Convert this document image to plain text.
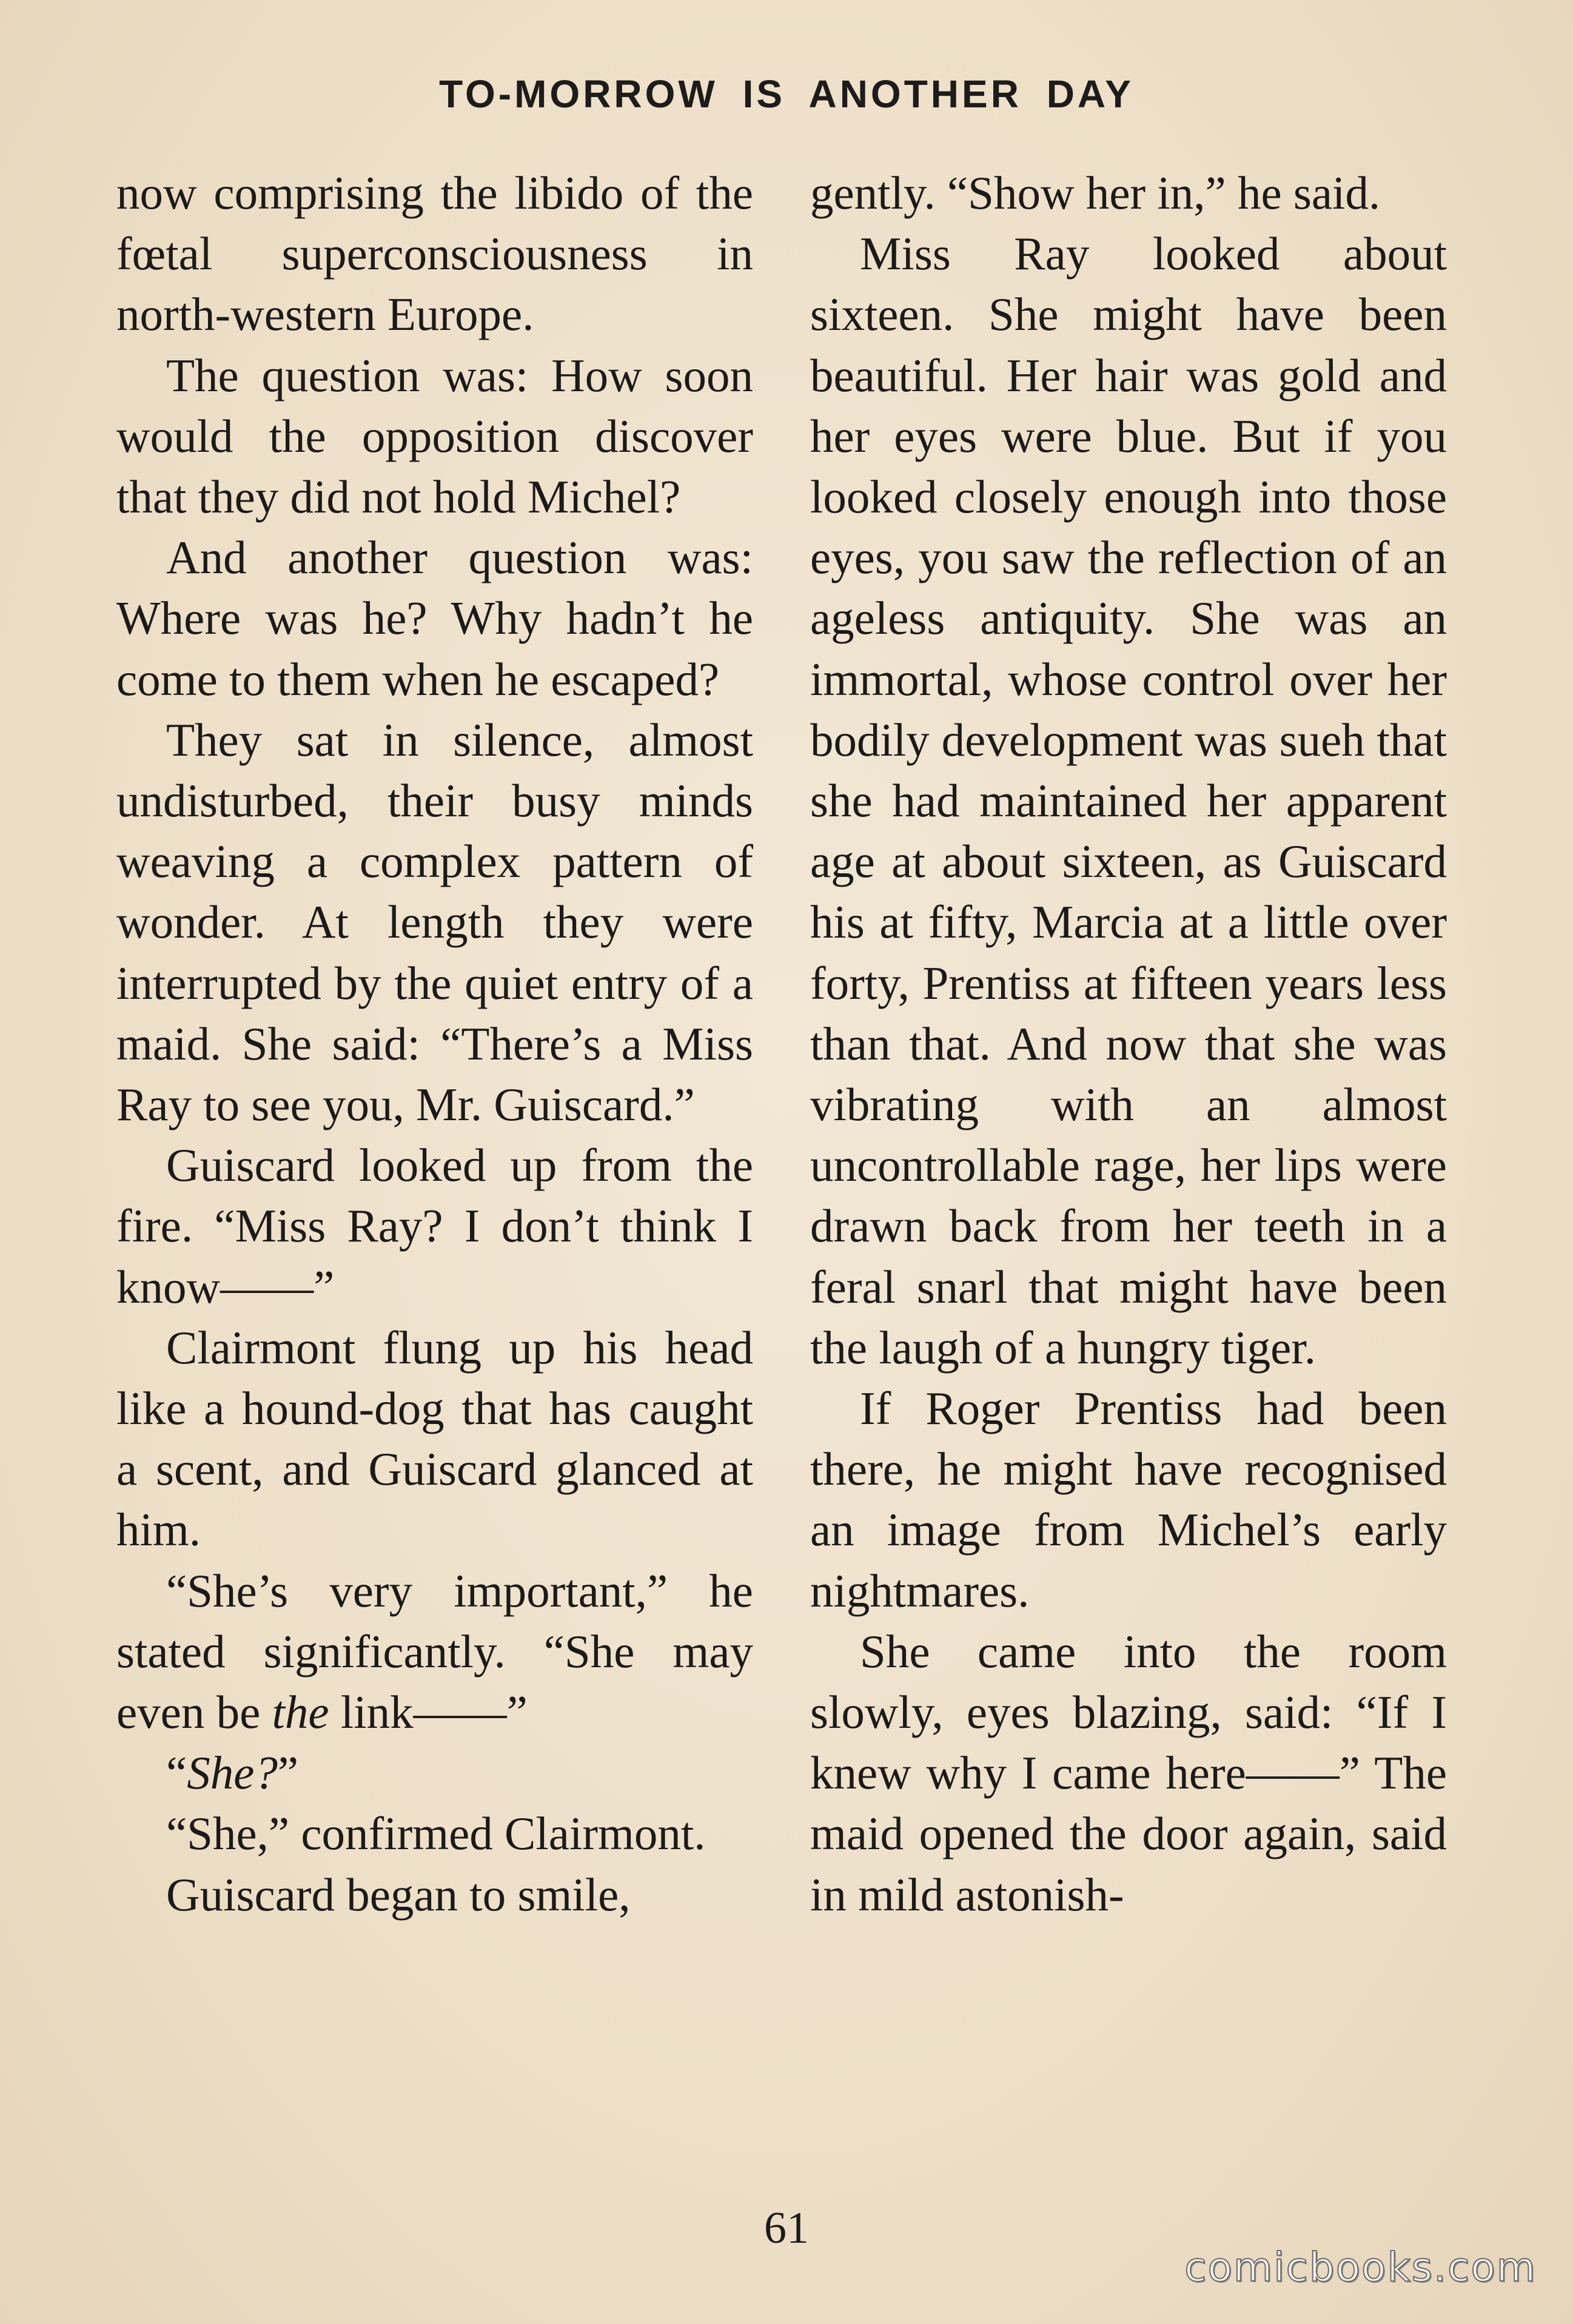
TO-MORROW IS ANOTHER DAY

now comprising the libido of the fœtal superconsciousness in north-western Europe.

The question was: How soon would the opposition discover that they did not hold Michel?

And another question was: Where was he? Why hadn’t he come to them when he escaped?

They sat in silence, almost undisturbed, their busy minds weaving a complex pattern of wonder. At length they were interrupted by the quiet entry of a maid. She said: “There’s a Miss Ray to see you, Mr. Guiscard.”

Guiscard looked up from the fire. “Miss Ray? I don’t think I know——”

Clairmont flung up his head like a hound-dog that has caught a scent, and Guiscard glanced at him.

“She’s very important,” he stated significantly. “She may even be the link——”

“She?”

“She,” confirmed Clairmont.

Guiscard began to smile,

gently. “Show her in,” he said.

Miss Ray looked about sixteen. She might have been beautiful. Her hair was gold and her eyes were blue. But if you looked closely enough into those eyes, you saw the reflection of an ageless antiquity. She was an immortal, whose control over her bodily development was sueh that she had maintained her apparent age at about sixteen, as Guiscard his at fifty, Marcia at a little over forty, Prentiss at fifteen years less than that. And now that she was vibrating with an almost uncontrollable rage, her lips were drawn back from her teeth in a feral snarl that might have been the laugh of a hungry tiger.

If Roger Prentiss had been there, he might have recognised an image from Michel’s early nightmares.

She came into the room slowly, eyes blazing, said: “If I knew why I came here——” The maid opened the door again, said in mild astonish-

61
comicbooks.com
